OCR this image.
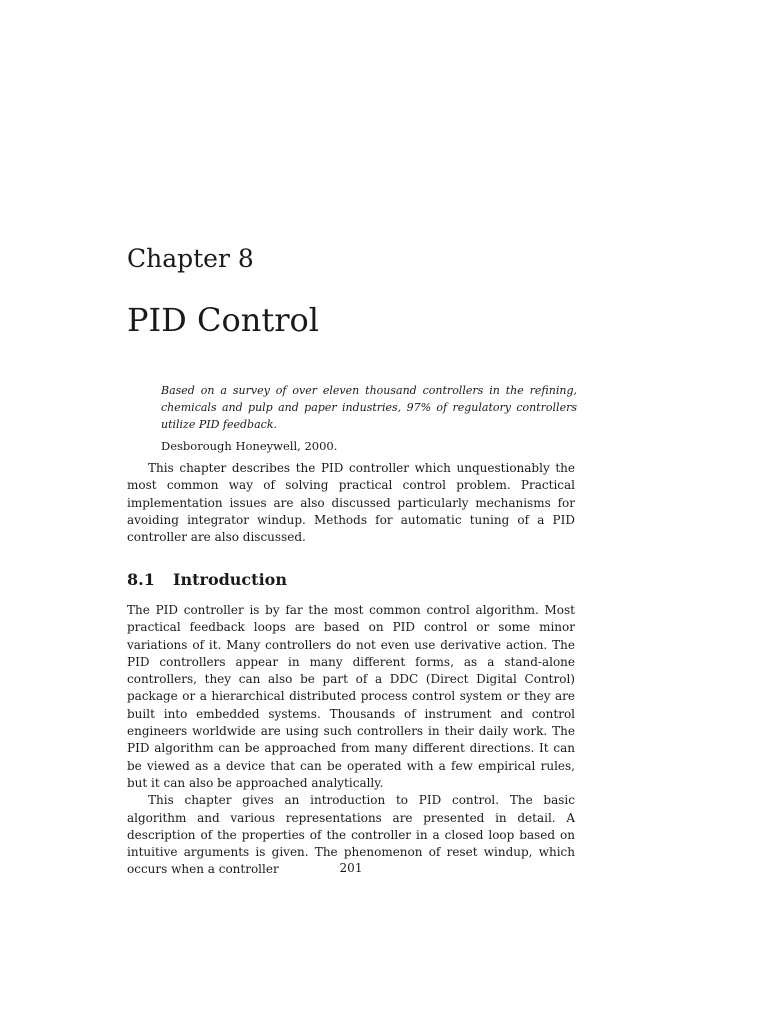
Chapter 8
PID Control

Based on a survey of over eleven thousand controllers in the refining, chemicals and pulp and paper industries, 97% of regulatory controllers utilize PID feedback.

Desborough Honeywell, 2000.

This chapter describes the PID controller which unquestionably the most common way of solving practical control problem. Practical implementation issues are also discussed particularly mechanisms for avoiding integrator windup. Methods for automatic tuning of a PID controller are also discussed.

8.1 Introduction

The PID controller is by far the most common control algorithm. Most practical feedback loops are based on PID control or some minor variations of it. Many controllers do not even use derivative action. The PID controllers appear in many different forms, as a stand-alone controllers, they can also be part of a DDC (Direct Digital Control) package or a hierarchical distributed process control system or they are built into embedded systems. Thousands of instrument and control engineers worldwide are using such controllers in their daily work. The PID algorithm can be approached from many different directions. It can be viewed as a device that can be operated with a few empirical rules, but it can also be approached analytically.

This chapter gives an introduction to PID control. The basic algorithm and various representations are presented in detail. A description of the properties of the controller in a closed loop based on intuitive arguments is given. The phenomenon of reset windup, which occurs when a controller	201
